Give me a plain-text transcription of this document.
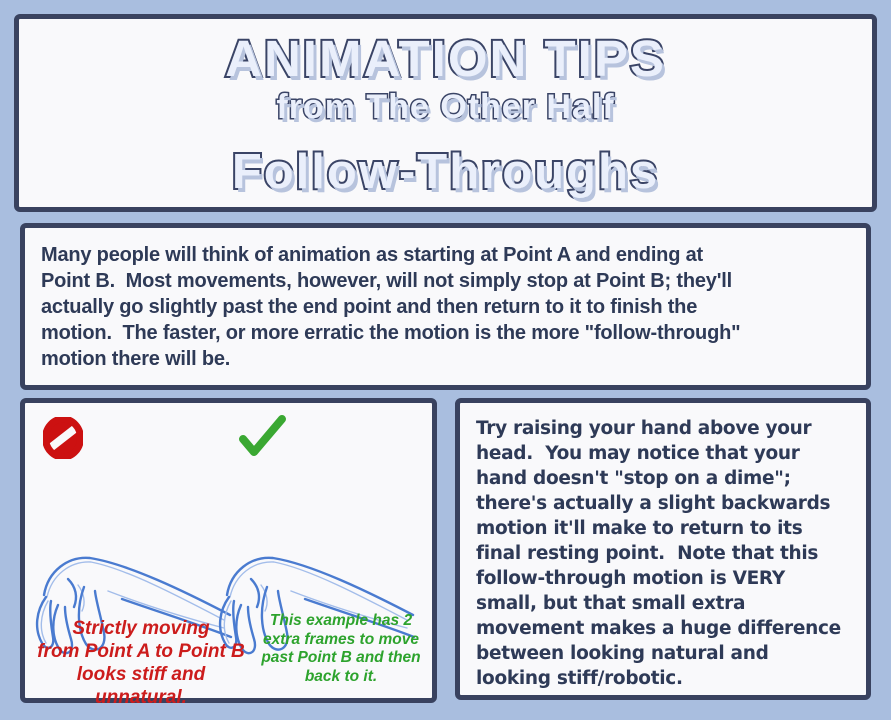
ANIMATION TIPS
from The Other Half
Follow-Throughs
Many people will think of animation as starting at Point A and ending at
Point B.  Most movements, however, will not simply stop at Point B; they'll
actually go slightly past the end point and then return to it to finish the
motion.  The faster, or more erratic the motion is the more "follow-through"
motion there will be.
Strictly moving
from Point A to Point B
looks stiff and unnatural.
This example has 2
extra frames to move
past Point B and then
back to it.
Try raising your hand above your
head.  You may notice that your
hand doesn't "stop on a dime";
there's actually a slight backwards
motion it'll make to return to its
final resting point.  Note that this
follow-through motion is VERY
small, but that small extra
movement makes a huge difference
between looking natural and
looking stiff/robotic.
